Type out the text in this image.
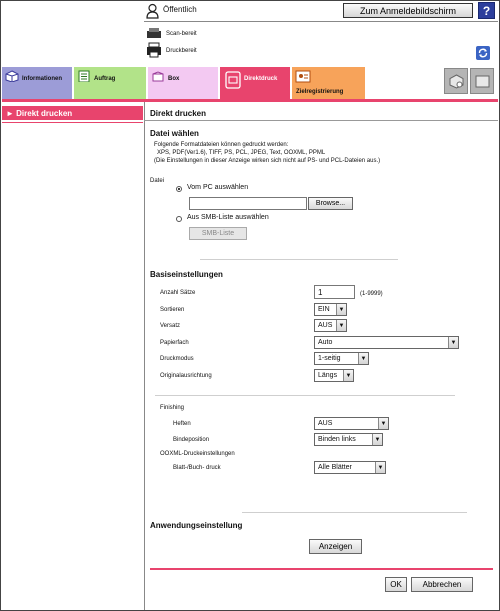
Öffentlich	Zum Anmeldebildschirm	?
Scan-bereit
Druckbereit
Informationen	Auftrag	Box	Direktdruck
Zielregistrierung
► Direkt drucken	Direkt drucken
Datei wählen
Folgende Formatdateien können gedruckt werden:
XPS, PDF(Ver1.6), TIFF, PS, PCL, JPEG, Text, OOXML, PPML
(Die Einstellungen in dieser Anzeige wirken sich nicht auf PS- und PCL-Dateien aus.)
Datei
Vom PC auswählen
Browse...
Aus SMB-Liste auswählen
SMB-Liste
Basiseinstellungen
Anzahl Sätze	1	(1-9999)
Sortieren	EIN	▼
Versatz	AUS	▼
Papierfach	Auto	▼
Druckmodus	1-seitig	▼
Originalausrichtung	Längs	▼
Finishing
Heften	AUS	▼
Bindeposition	Binden links	▼
OOXML-Druckeinstellungen
Blatt-/Buch- druck	Alle Blätter	▼
Anwendungseinstellung
Anzeigen
OK	Abbrechen
